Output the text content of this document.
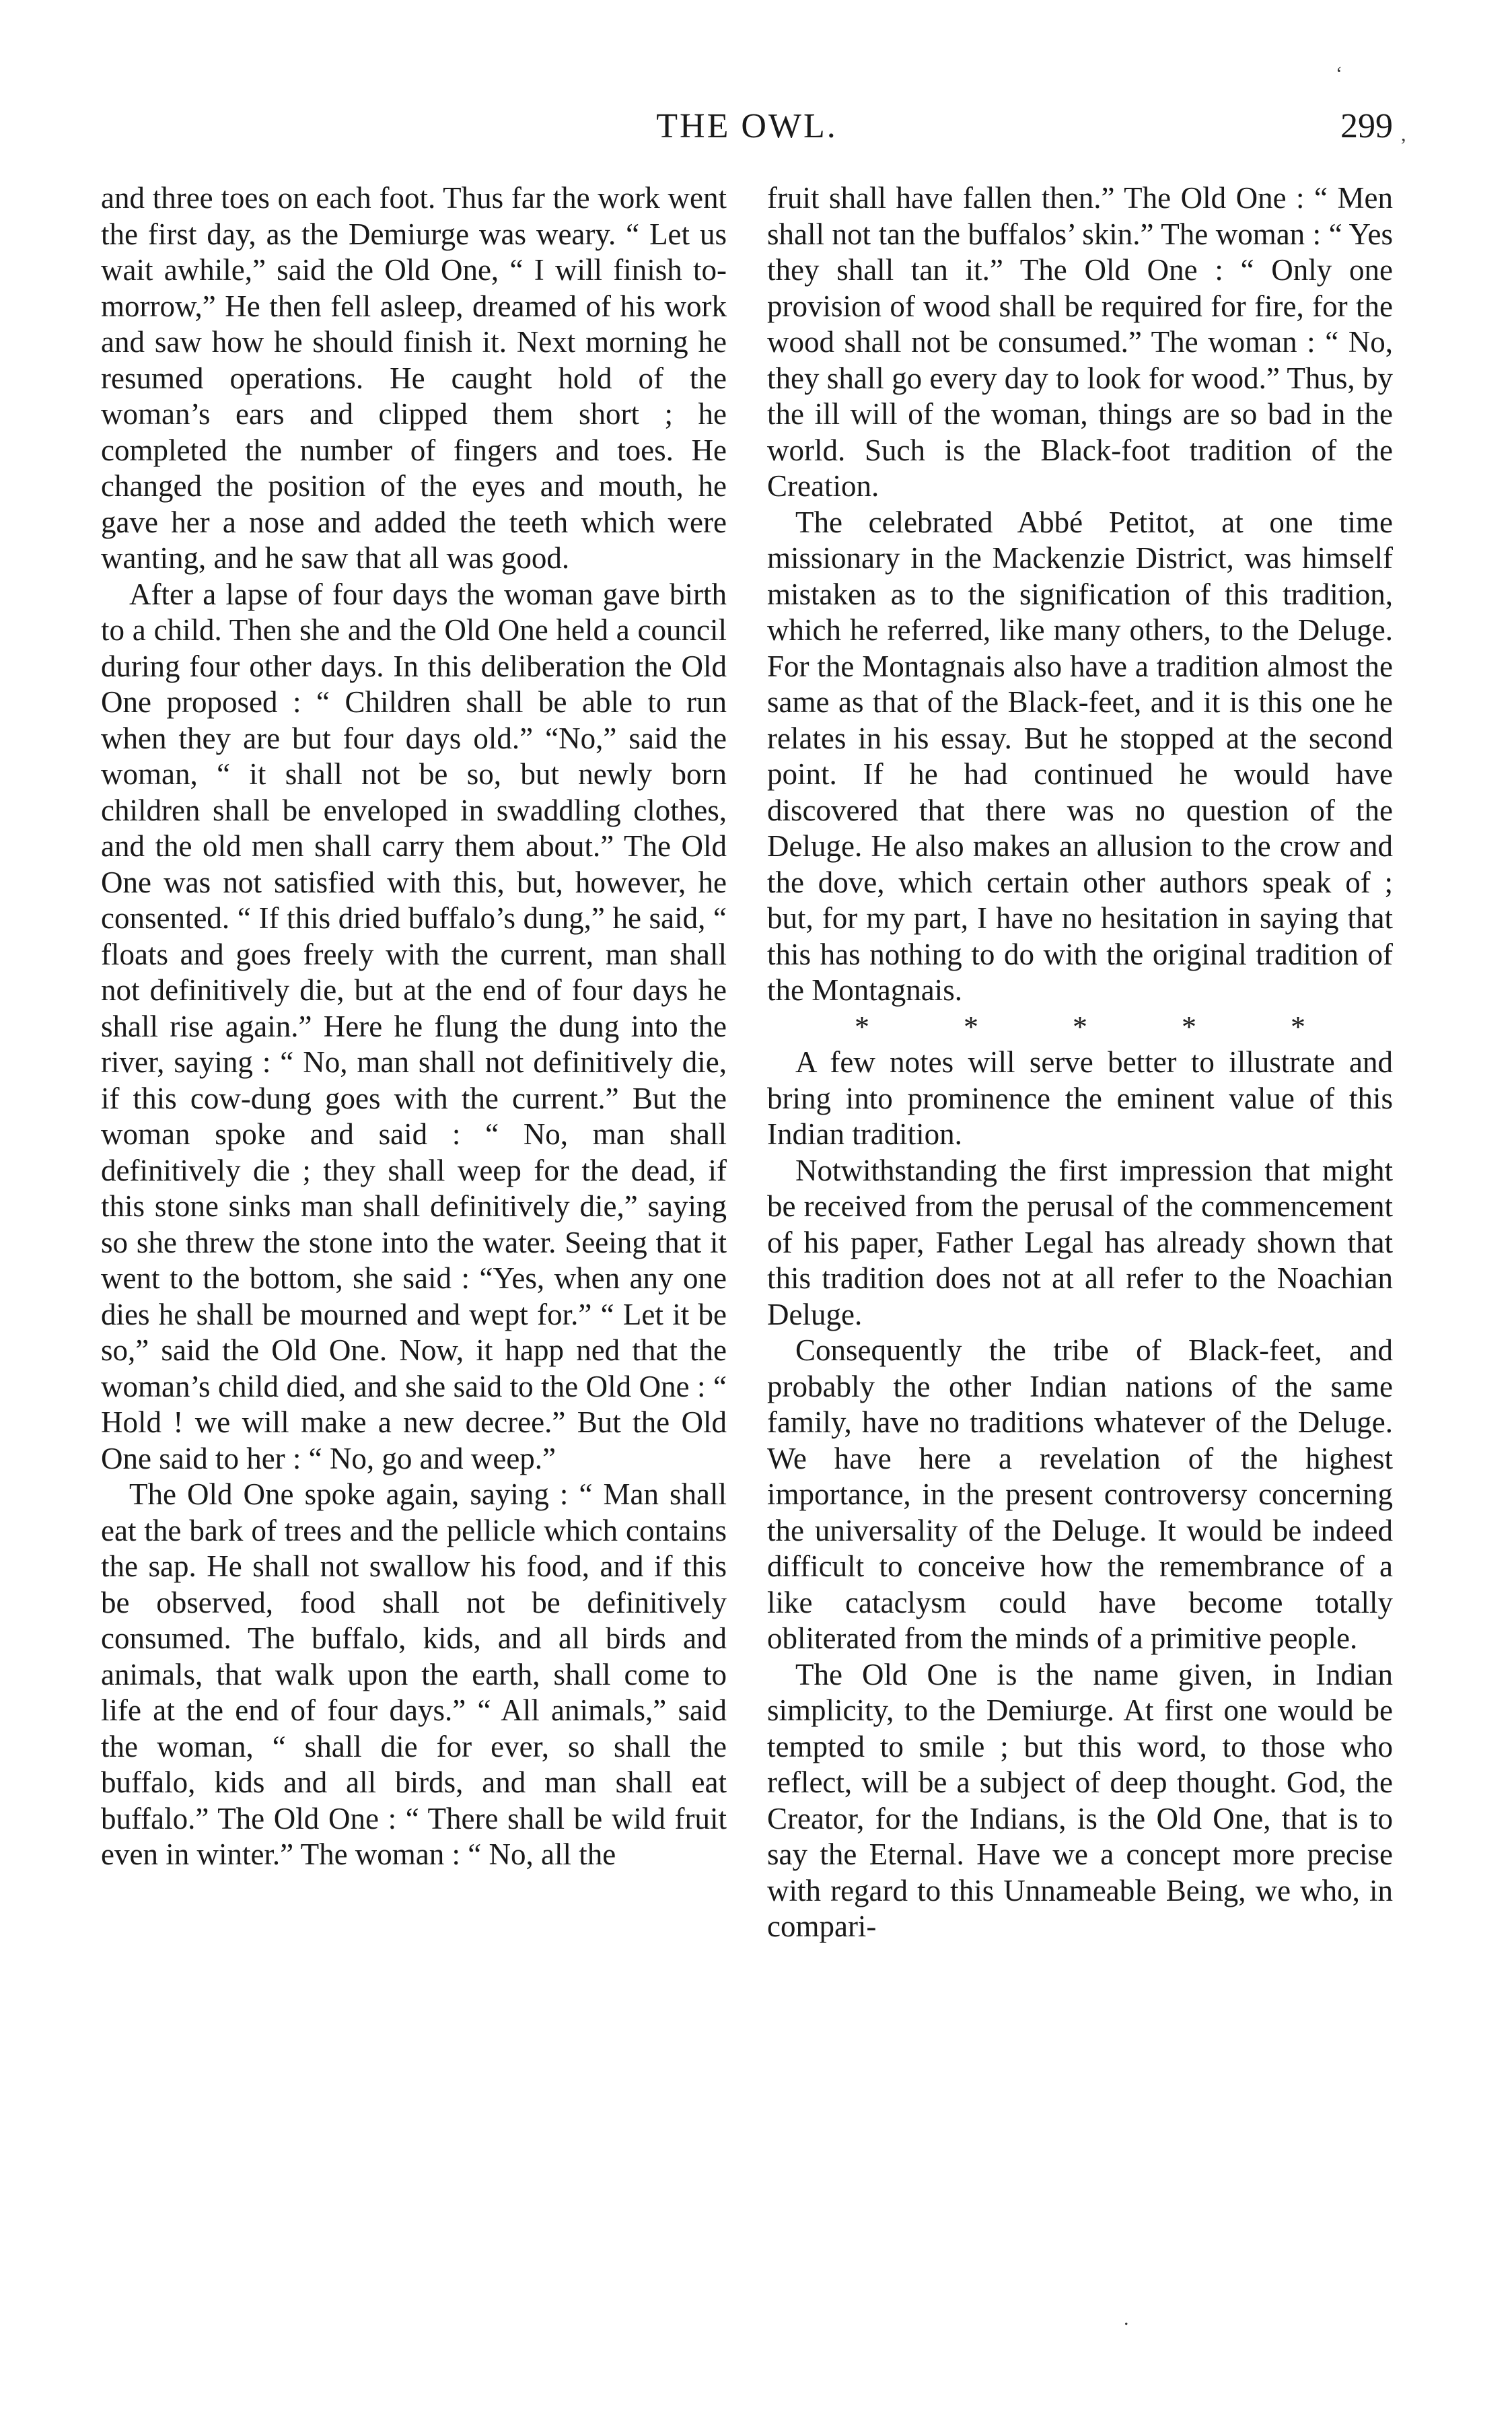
THE OWL.	299
‘
,

and three toes on each foot. Thus far the work went the first day, as the Demiurge was weary. “ Let us wait awhile,” said the Old One, “ I will finish to-morrow,” He then fell asleep, dreamed of his work and saw how he should finish it. Next morning he resumed operations. He caught hold of the woman’s ears and clipped them short ; he completed the number of fingers and toes. He changed the position of the eyes and mouth, he gave her a nose and added the teeth which were wanting, and he saw that all was good.

After a lapse of four days the woman gave birth to a child. Then she and the Old One held a council during four other days. In this deliberation the Old One proposed : “ Children shall be able to run when they are but four days old.” “No,” said the woman, “ it shall not be so, but newly born children shall be enveloped in swaddling clothes, and the old men shall carry them about.” The Old One was not satisfied with this, but, however, he consented. “ If this dried buffalo’s dung,” he said, “ floats and goes freely with the current, man shall not definitively die, but at the end of four days he shall rise again.” Here he flung the dung into the river, saying : “ No, man shall not definitively die, if this cow-dung goes with the current.” But the woman spoke and said : “ No, man shall definitively die ; they shall weep for the dead, if this stone sinks man shall definitively die,” saying so she threw the stone into the water. Seeing that it went to the bottom, she said : “Yes, when any one dies he shall be mourned and wept for.” “ Let it be so,” said the Old One. Now, it happ ned that the woman’s child died, and she said to the Old One : “ Hold ! we will make a new decree.” But the Old One said to her : “ No, go and weep.”

The Old One spoke again, saying : “ Man shall eat the bark of trees and the pellicle which contains the sap. He shall not swallow his food, and if this be observed, food shall not be definitively consumed. The buffalo, kids, and all birds and animals, that walk upon the earth, shall come to life at the end of four days.” “ All animals,” said the woman, “ shall die for ever, so shall the buffalo, kids and all birds, and man shall eat buffalo.” The Old One : “ There shall be wild fruit even in winter.” The woman : “ No, all the

fruit shall have fallen then.” The Old One : “ Men shall not tan the buffalos’ skin.” The woman : “ Yes they shall tan it.” The Old One : “ Only one provision of wood shall be required for fire, for the wood shall not be consumed.” The woman : “ No, they shall go every day to look for wood.” Thus, by the ill will of the woman, things are so bad in the world. Such is the Black-foot tradition of the Creation.

The celebrated Abbé Petitot, at one time missionary in the Mackenzie District, was himself mistaken as to the signification of this tradition, which he referred, like many others, to the Deluge. For the Montagnais also have a tradition almost the same as that of the Black-feet, and it is this one he relates in his essay. But he stopped at the second point. If he had continued he would have discovered that there was no question of the Deluge. He also makes an allusion to the crow and the dove, which certain other authors speak of ; but, for my part, I have no hesitation in saying that this has nothing to do with the original tradition of the Montagnais.

*	*	*	*	*

A few notes will serve better to illustrate and bring into prominence the eminent value of this Indian tradition.

Notwithstanding the first impression that might be received from the perusal of the commencement of his paper, Father Legal has already shown that this tradition does not at all refer to the Noachian Deluge.

Consequently the tribe of Black-feet, and probably the other Indian nations of the same family, have no traditions whatever of the Deluge. We have here a revelation of the highest importance, in the present controversy concerning the universality of the Deluge. It would be indeed difficult to conceive how the remembrance of a like cataclysm could have become totally obliterated from the minds of a primitive people.

The Old One is the name given, in Indian simplicity, to the Demiurge. At first one would be tempted to smile ; but this word, to those who reflect, will be a subject of deep thought. God, the Creator, for the Indians, is the Old One, that is to say the Eternal. Have we a concept more precise with regard to this Unnameable Being, we who, in compari-

.
